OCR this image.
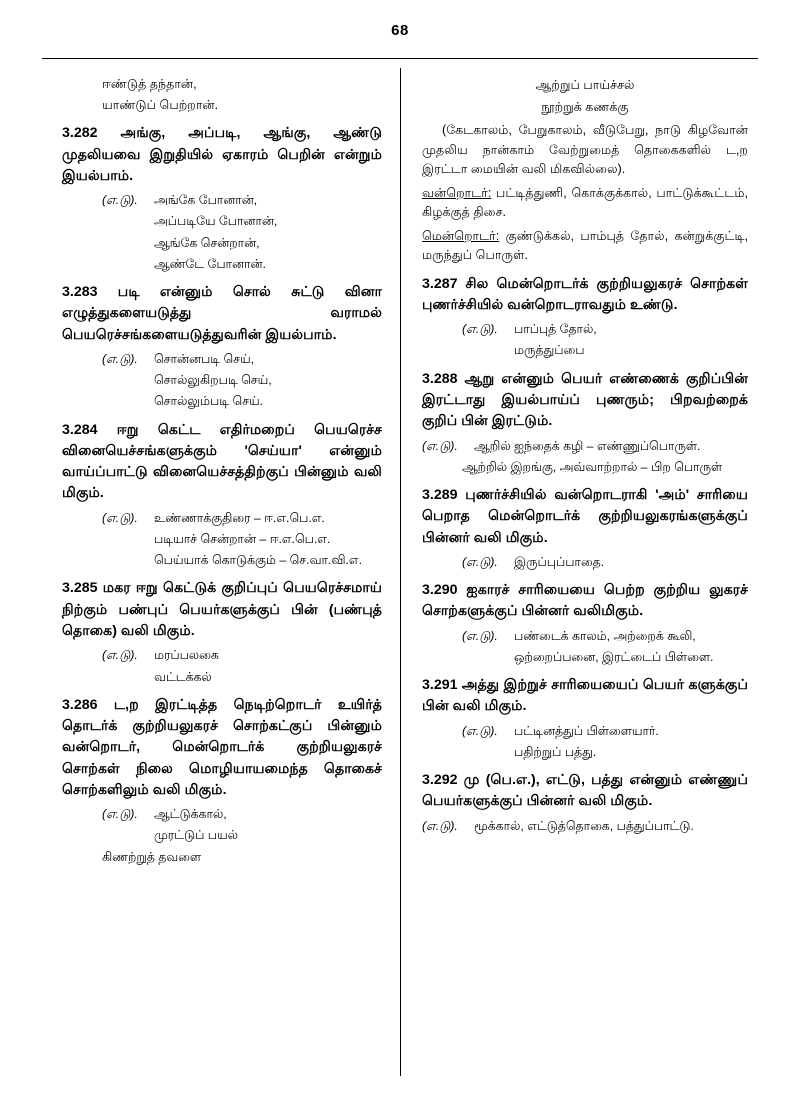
68

ஈண்டுத் தந்தான்,

யாண்டுப் பெற்றான்.

3.282 அங்கு, அப்படி, ஆங்கு, ஆண்டு முதலியவை இறுதியில் ஏகாரம் பெறின் என்றும் இயல்பாம்.

(எ.டு). அங்கே போனான்,

அப்படியே போனான்,

ஆங்கே சென்றான்,

ஆண்டே போனான்.

3.283 படி என்னும் சொல் சுட்டு வினா எழுத்துகளையடுத்து வராமல் பெயரெச்சங்களையடுத்துவரின் இயல்பாம்.

(எ.டு). சொன்னபடி செய்,

சொல்லுகிறபடி செய்,

சொல்லும்படி செய்.

3.284 ஈறு கெட்ட எதிர்மறைப் பெயரெச்ச வினையெச்சங்களுக்கும் 'செய்யா' என்னும் வாய்ப்பாட்டு வினையெச்சத்திற்குப் பின்னும் வலி மிகும்.

(எ.டு). உண்ணாக்குதிரை – ஈ.எ.பெ.எ.

படியாச் சென்றான் – ஈ.எ.பெ.எ.

பெய்யாக் கொடுக்கும் – செ.வா.வி.எ.

3.285 மகர ஈறு கெட்டுக் குறிப்புப் பெயரெச்சமாய் நிற்கும் பண்புப் பெயர்களுக்குப் பின் (பண்புத் தொகை) வலி மிகும்.

(எ.டு). மரப்பலகை

வட்டக்கல்

3.286 ட,ற இரட்டித்த நெடிற்றொடர் உயிர்த் தொடர்க் குற்றியலுகரச் சொற்கட்குப் பின்னும் வன்றொடர், மென்றொடர்க் குற்றியலுகரச் சொற்கள் நிலை மொழியாயமைந்த தொகைச் சொற்களிலும் வலி மிகும்.

(எ.டு). ஆட்டுக்கால்,

முரட்டுப் பயல்

கிணற்றுத் தவளை

ஆற்றுப் பாய்ச்சல்

நூற்றுக் கணக்கு

(கேடகாலம், பேறுகாலம், வீடுபேறு, நாடு கிழவோன் முதலிய நான்காம் வேற்றுமைத் தொகைகளில் ட,ற இரட்டா மையின் வலி மிகவில்லை).

வன்றொடர்: பட்டித்துணி, கொக்குக்கால், பாட்டுக்கூட்டம், கிழக்குத் திசை.

மென்றொடர்: குண்டுக்கல், பாம்புத் தோல், கன்றுக்குட்டி, மருந்துப் பொருள்.

3.287 சில மென்றொடர்க் குற்றியலுகரச் சொற்கள் புணர்ச்சியில் வன்றொடராவதும் உண்டு.

(எ.டு). பாப்புத் தோல்,

மருத்துப்பை

3.288 ஆறு என்னும் பெயர் எண்ணைக் குறிப்பின் இரட்டாது இயல்பாய்ப் புணரும்; பிறவற்றைக் குறிப் பின் இரட்டும்.

(எ.டு). ஆறில் ஐந்தைக் கழி – எண்ணுப்பொருள்.

ஆற்றில் இறங்கு, அவ்வாற்றால் – பிற பொருள்

3.289 புணர்ச்சியில் வன்றொடராகி 'அம்' சாரியை பெறாத மென்றொடர்க் குற்றியலுகரங்களுக்குப் பின்னர் வலி மிகும்.

(எ.டு). இருப்புப்பாதை.

3.290 ஐகாரச் சாரியையை பெற்ற குற்றிய லுகரச் சொற்களுக்குப் பின்னர் வலிமிகும்.

(எ.டு). பண்டைக் காலம், அற்றைக் கூலி,

ஒற்றைப்பனை, இரட்டைப் பிள்ளை.

3.291 அத்து இற்றுச் சாரியையைப் பெயர் களுக்குப் பின் வலி மிகும்.

(எ.டு). பட்டினத்துப் பிள்ளையார்.

பதிற்றுப் பத்து.

3.292 மு (பெ.எ.), எட்டு, பத்து என்னும் எண்ணுப் பெயர்களுக்குப் பின்னர் வலி மிகும்.

(எ.டு). மூக்கால், எட்டுத்தொகை, பத்துப்பாட்டு.
